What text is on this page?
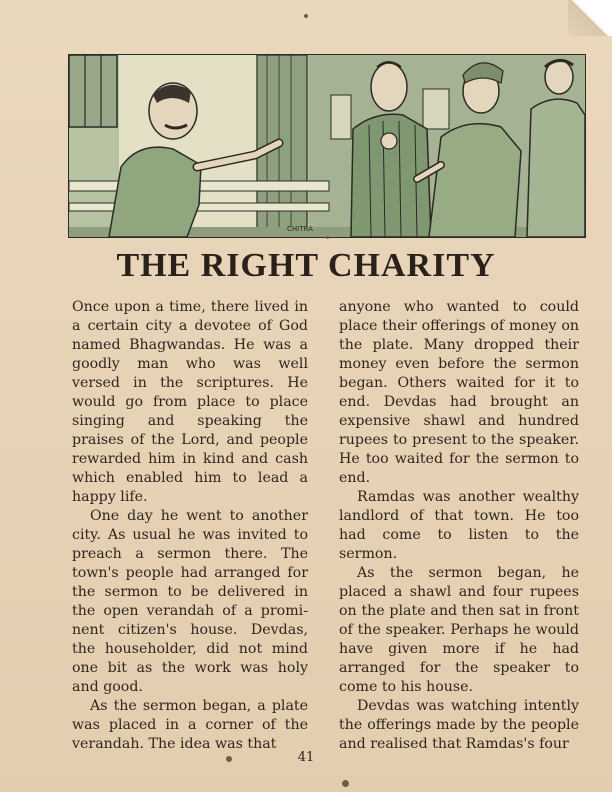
CHITRA
THE RIGHT CHARITY

Once upon a time, there lived in a certain city a devotee of God named Bhagwandas. He was a goodly man who was well versed in the scriptures. He would go from place to place singing and speaking the praises of the Lord, and people rewarded him in kind and cash which enabled him to lead a happy life.

One day he went to another city. As usual he was invited to preach a sermon there. The town's people had arranged for the sermon to be delivered in the open verandah of a prominent citizen's house. Devdas, the householder, did not mind one bit as the work was holy and good.

As the sermon began, a plate was placed in a corner of the verandah. The idea was that

anyone who wanted to could place their offerings of money on the plate. Many dropped their money even before the sermon began. Others waited for it to end. Devdas had brought an expensive shawl and hundred rupees to present to the speaker. He too waited for the sermon to end.

Ramdas was another wealthy landlord of that town. He too had come to listen to the sermon.

As the sermon began, he placed a shawl and four rupees on the plate and then sat in front of the speaker. Perhaps he would have given more if he had arranged for the speaker to come to his house.

Devdas was watching intently the offerings made by the people and realised that Ramdas's four

41
